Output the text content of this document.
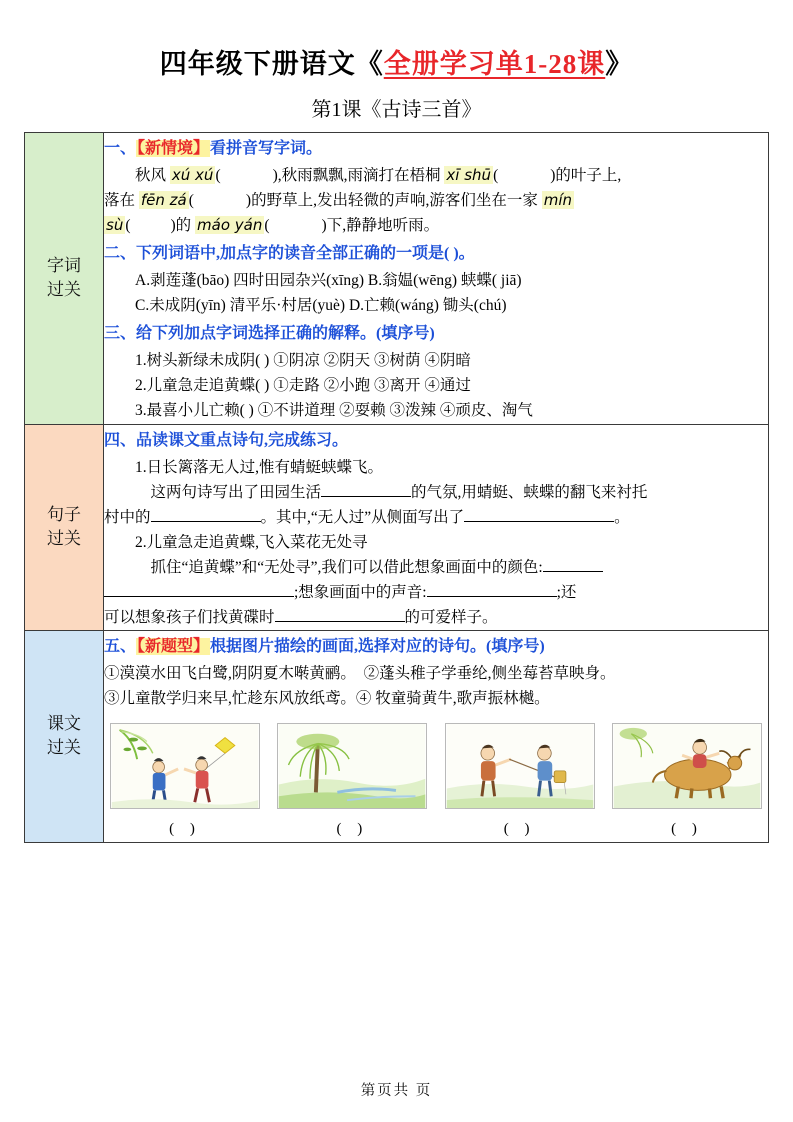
四年级下册语文《全册学习单1-28课》
第1课《古诗三首》
字词
过关

一、【新情境】看拼音写字词。
秋风 xú xú (	),秋雨飘飘,雨滴打在梧桐 xī shū (	)的叶子上,
落在 fēn zá (	)的野草上,发出轻微的声响,游客们坐在一家 mín
sù (	)的 máo yán (	)下,静静地听雨。
二、下列词语中,加点字的读音全部正确的一项是( )。
A.剥莲蓬(bāo) 四时田园杂兴(xīng) B.翁媪(wēng) 蛱蝶( jiā)
C.未成阴(yīn) 清平乐·村居(yuè) D.亡赖(wáng) 锄头(chú)
三、给下列加点字词选择正确的解释。(填序号)
1.树头新绿未成阴( ) ①阴凉 ②阴天 ③树荫 ④阴暗
2.儿童急走追黄蝶( ) ①走路 ②小跑 ③离开 ④通过
3.最喜小儿亡赖( ) ①不讲道理 ②耍赖 ③泼辣 ④顽皮、淘气

句子
过关

四、品读课文重点诗句,完成练习。
1.日长篱落无人过,惟有蜻蜓蛱蝶飞。
这两句诗写出了田园生活	的气氛,用蜻蜓、蛱蝶的翻飞来衬托
村中的	。其中,“无人过”从侧面写出了	。
2.儿童急走追黄蝶,飞入菜花无处寻
抓住“追黄蝶”和“无处寻”,我们可以借此想象画面中的颜色:
;想象画面中的声音:	;还
可以想象孩子们找黄碟时	的可爱样子。

课文
过关

五、【新题型】根据图片描绘的画面,选择对应的诗句。(填序号)
①漠漠水田飞白鹭,阴阴夏木啭黄鹂。　②蓬头稚子学垂纶,侧坐莓苔草映身。
③儿童散学归来早,忙趁东风放纸鸢。④ 牧童骑黄牛,歌声振林樾。
( )	( )	( )	( )
第页共 页
